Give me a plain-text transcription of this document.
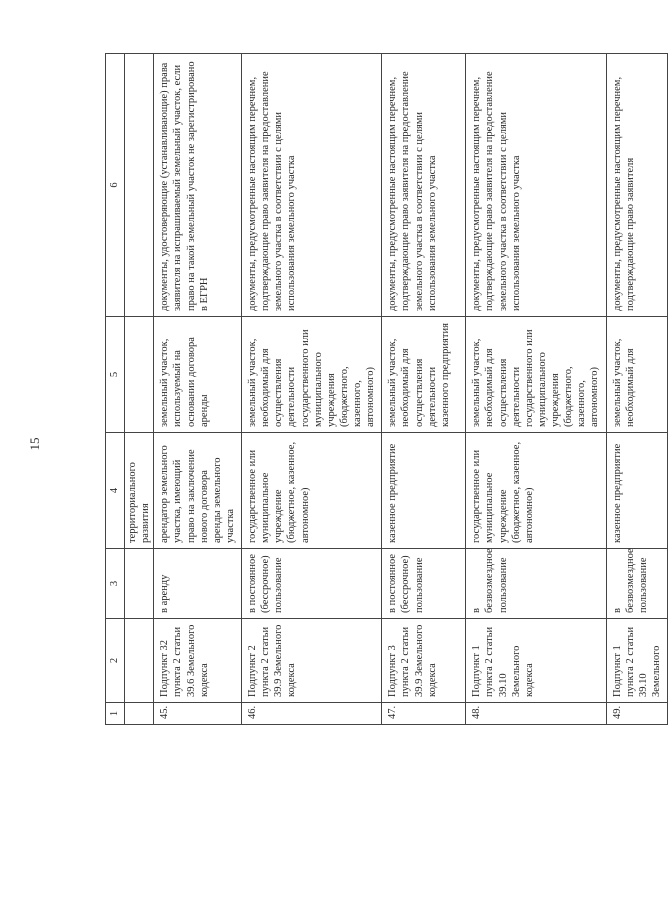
15
1	2	3	4	5	6
			территориального развития		
45.	Подпункт 32 пункта 2 статьи 39.6 Земельного кодекса	в аренду	арендатор земельного участка, имеющий право на заключение нового договора аренды земельного участка	земельный участок, используемый на основании договора аренды	документы, удостоверяющие (устанавливающие) права заявителя на испрашиваемый земельный участок, если право на такой земельный участок не зарегистрировано в ЕГРН
46.	Подпункт 2 пункта 2 статьи 39.9 Земельного кодекса	в постоянное (бессрочное) пользование	государственное или муниципальное учреждение (бюджетное, казенное, автономное)	земельный участок, необходимый для осуществления деятельности государственного или муниципального учреждения (бюджетного, казенного, автономного)	документы, предусмотренные настоящим перечнем, подтверждающие право заявителя на предоставление земельного участка в соответствии с целями использования земельного участка
47.	Подпункт 3 пункта 2 статьи 39.9 Земельного кодекса	в постоянное (бессрочное) пользование	казенное предприятие	земельный участок, необходимый для осуществления деятельности казенного предприятия	документы, предусмотренные настоящим перечнем, подтверждающие право заявителя на предоставление земельного участка в соответствии с целями использования земельного участка
48.	Подпункт 1 пункта 2 статьи 39.10 Земельного кодекса	в безвозмездное пользование	государственное или муниципальное учреждение (бюджетное, казенное, автономное)	земельный участок, необходимый для осуществления деятельности государственного или муниципального учреждения (бюджетного, казенного, автономного)	документы, предусмотренные настоящим перечнем, подтверждающие право заявителя на предоставление земельного участка в соответствии с целями использования земельного участка
49.	Подпункт 1 пункта 2 статьи 39.10 Земельного	в безвозмездное пользование	казенное предприятие	земельный участок, необходимый для	документы, предусмотренные настоящим перечнем, подтверждающие право заявителя
